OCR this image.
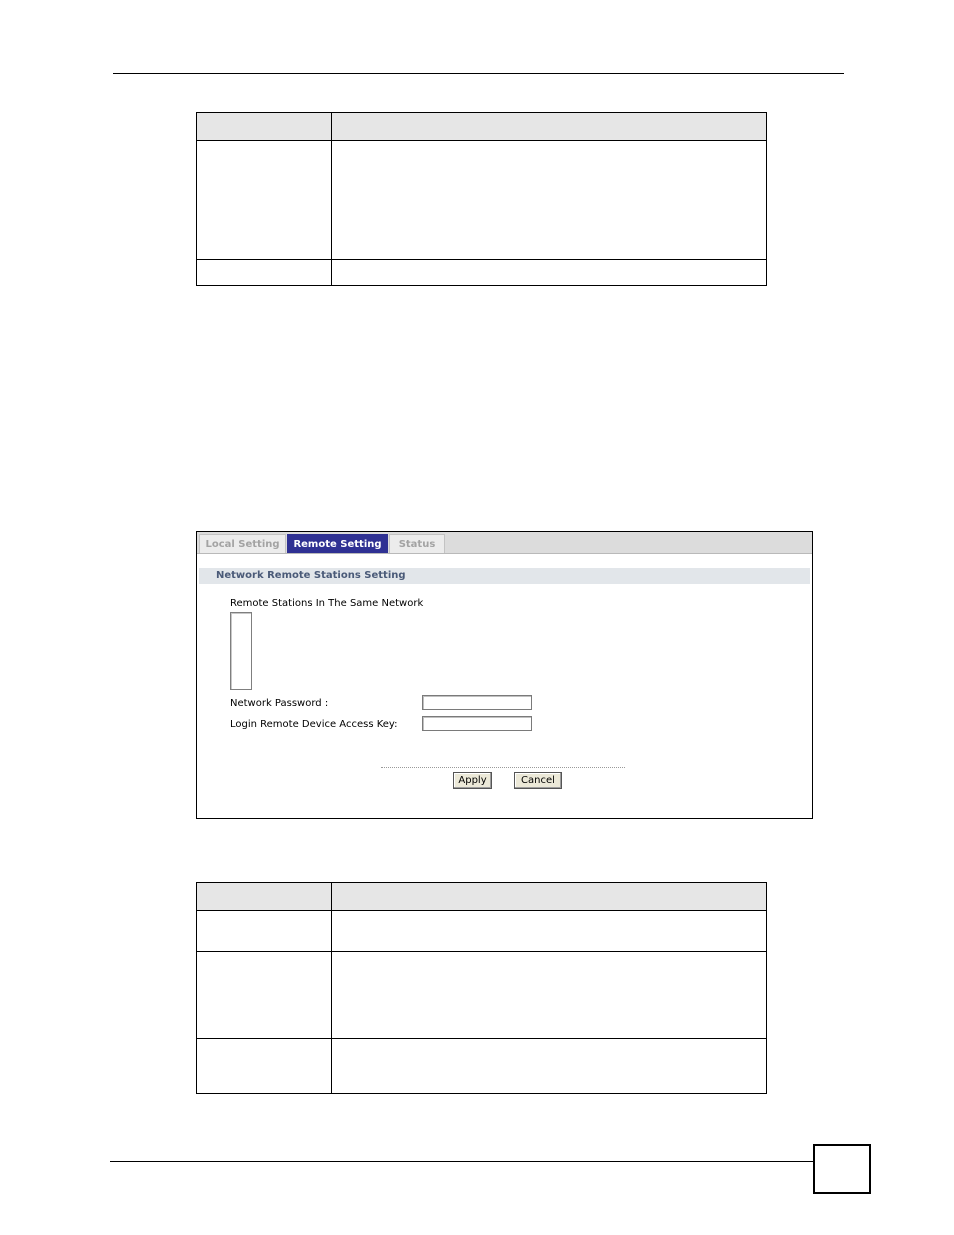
Local Setting	Remote Setting	Status
Network Remote Stations Setting
Remote Stations In The Same Network
Network Password :
Login Remote Device Access Key:
Apply	Cancel
